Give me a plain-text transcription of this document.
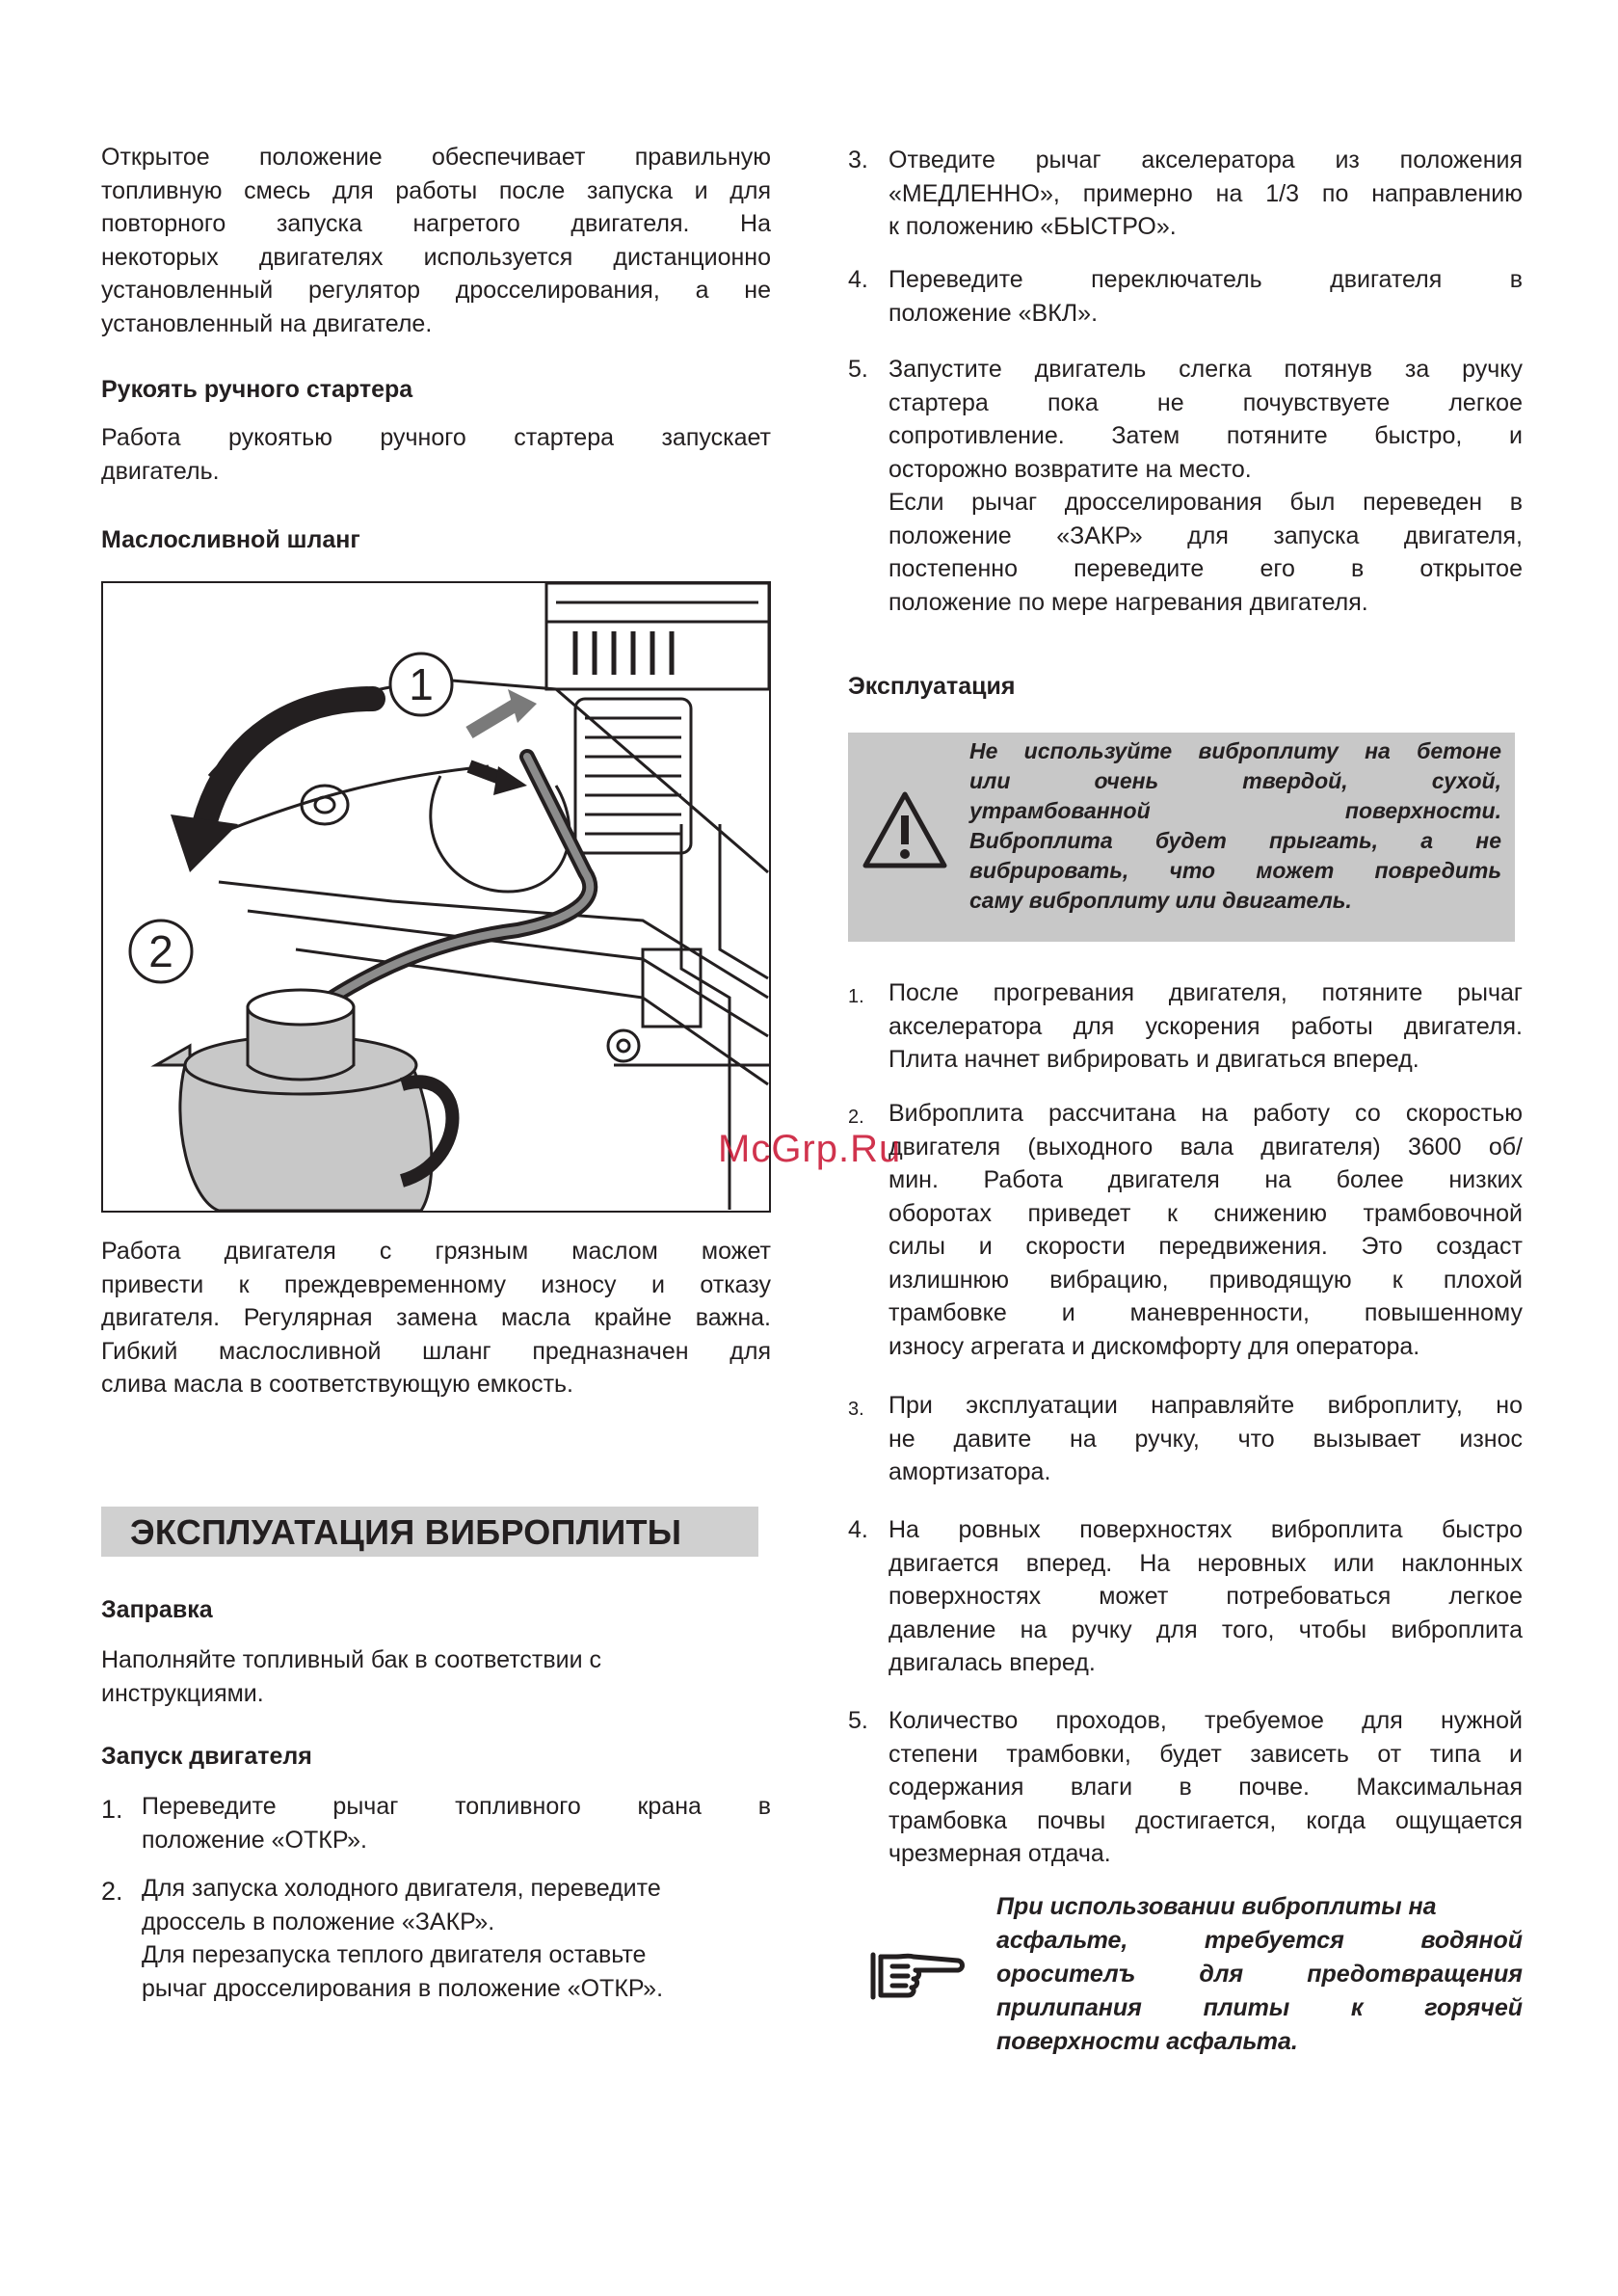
Открытое положение обеспечивает правильную
топливную смесь для работы после запуска и для
повторного запуска нагретого двигателя. На
некоторых двигателях используется дистанционно
установленный регулятор дросселирования, а не
установленный на двигателе.
Рукоять ручного стартера
Работа рукоятью ручного стартера запускает
двигатель.
Маслосливной шланг
1
2
Работа двигателя с грязным маслом может
привести к преждевременному износу и отказу
двигателя. Регулярная замена масла крайне важна.
Гибкий маслосливной шланг предназначен для
слива масла в соответствующую емкость.
ЭКСПЛУАТАЦИЯ ВИБРОПЛИТЫ
Заправка
Наполняйте топливный бак в соответствии с
инструкциями.
Запуск двигателя
1. Переведите рычаг топливного крана в
положение «ОТКР».
2. Для запуска холодного двигателя, переведите
дроссель в положение «ЗАКР».
Для перезапуска теплого двигателя оставьте
рычаг дросселирования в положение «ОТКР».
3. Отведите рычаг акселератора из положения
«МЕДЛЕННО», примерно на 1/3 по направлению
к положению «БЫСТРО».
4. Переведите переключатель двигателя в
положение «ВКЛ».
5. Запустите двигатель слегка потянув за ручку
стартера пока не почувствуете легкое
сопротивление. Затем потяните быстро, и
осторожно возвратите на место.
Если рычаг дросселирования был переведен в
положение «ЗАКР» для запуска двигателя,
постепенно переведите его в открытое
положение по мере нагревания двигателя.
Эксплуатация
Не используйте виброплиту на бетоне
или очень твердой, сухой,
утрамбованной поверхности.
Виброплита будет прыгать, а не
вибрировать, что может повредить
саму виброплиту или двигатель.
1. После прогревания двигателя, потяните рычаг
акселератора для ускорения работы двигателя.
Плита начнет вибрировать и двигаться вперед.
2. Виброплита рассчитана на работу со скоростью
двигателя (выходного вала двигателя) 3600 об/
мин. Работа двигателя на более низких
оборотах приведет к снижению трамбовочной
силы и скорости передвижения. Это создаст
излишнюю вибрацию, приводящую к плохой
трамбовке и маневренности, повышенному
износу агрегата и дискомфорту для оператора.
3. При эксплуатации направляйте виброплиту, но
не давите на ручку, что вызывает износ
амортизатора.
4. На ровных поверхностях виброплита быстро
двигается вперед. На неровных или наклонных
поверхностях может потребоваться легкое
давление на ручку для того, чтобы виброплита
двигалась вперед.
5. Количество проходов, требуемое для нужной
степени трамбовки, будет зависеть от типа и
содержания влаги в почве. Максимальная
трамбовка почвы достигается, когда ощущается
чрезмерная отдача.
При использовании виброплиты на
асфальте, требуется водяной
оросителъ для предотвращения
прилипания плиты к горячей
поверхности асфальта.
McGrp.Ru
